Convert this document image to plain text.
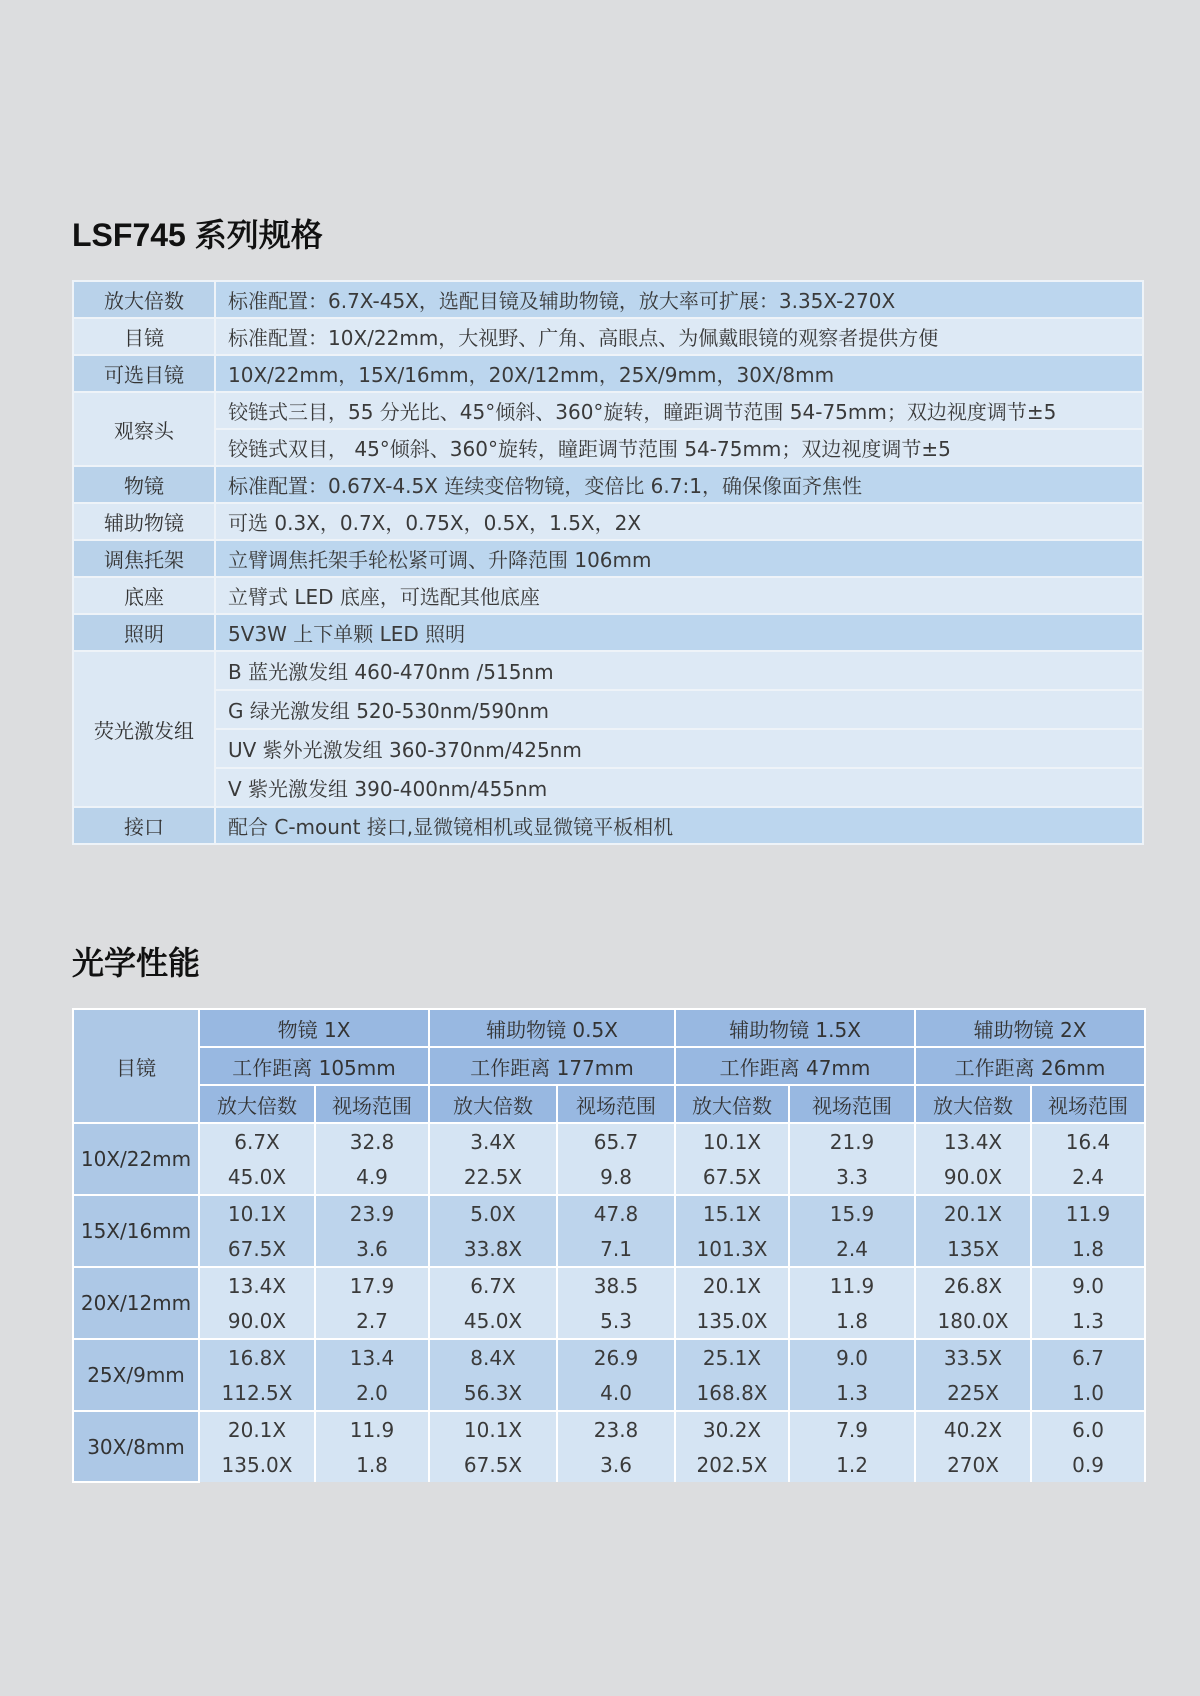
LSF745 系列规格
放大倍数	标准配置：6.7X-45X，选配目镜及辅助物镜，放大率可扩展：3.35X-270X
目镜	标准配置：10X/22mm，大视野、广角、高眼点、为佩戴眼镜的观察者提供方便
可选目镜	10X/22mm，15X/16mm，20X/12mm，25X/9mm，30X/8mm
观察头	铰链式三目，55 分光比、45°倾斜、360°旋转，瞳距调节范围 54-75mm；双边视度调节±5
	铰链式双目， 45°倾斜、360°旋转，瞳距调节范围 54-75mm；双边视度调节±5
物镜	标准配置：0.67X-4.5X 连续变倍物镜，变倍比 6.7:1，确保像面齐焦性
辅助物镜	可选 0.3X，0.7X，0.75X，0.5X，1.5X，2X
调焦托架	立臂调焦托架手轮松紧可调、升降范围 106mm
底座	立臂式 LED 底座，可选配其他底座
照明	5V3W 上下单颗 LED 照明
荧光激发组	B 蓝光激发组 460-470nm /515nm
	G 绿光激发组 520-530nm/590nm
	UV 紫外光激发组 360-370nm/425nm
	V 紫光激发组 390-400nm/455nm
接口	配合 C-mount 接口,显微镜相机或显微镜平板相机
光学性能
目镜	物镜 1X		辅助物镜 0.5X		辅助物镜 1.5X		辅助物镜 2X	
	工作距离 105mm		工作距离 177mm		工作距离 47mm		工作距离 26mm	
	放大倍数	视场范围	放大倍数	视场范围	放大倍数	视场范围	放大倍数	视场范围
10X/22mm	6.7X	32.8	3.4X	65.7	10.1X	21.9	13.4X	16.4
	45.0X	4.9	22.5X	9.8	67.5X	3.3	90.0X	2.4
15X/16mm	10.1X	23.9	5.0X	47.8	15.1X	15.9	20.1X	11.9
	67.5X	3.6	33.8X	7.1	101.3X	2.4	135X	1.8
20X/12mm	13.4X	17.9	6.7X	38.5	20.1X	11.9	26.8X	9.0
	90.0X	2.7	45.0X	5.3	135.0X	1.8	180.0X	1.3
25X/9mm	16.8X	13.4	8.4X	26.9	25.1X	9.0	33.5X	6.7
	112.5X	2.0	56.3X	4.0	168.8X	1.3	225X	1.0
30X/8mm	20.1X	11.9	10.1X	23.8	30.2X	7.9	40.2X	6.0
	135.0X	1.8	67.5X	3.6	202.5X	1.2	270X	0.9
